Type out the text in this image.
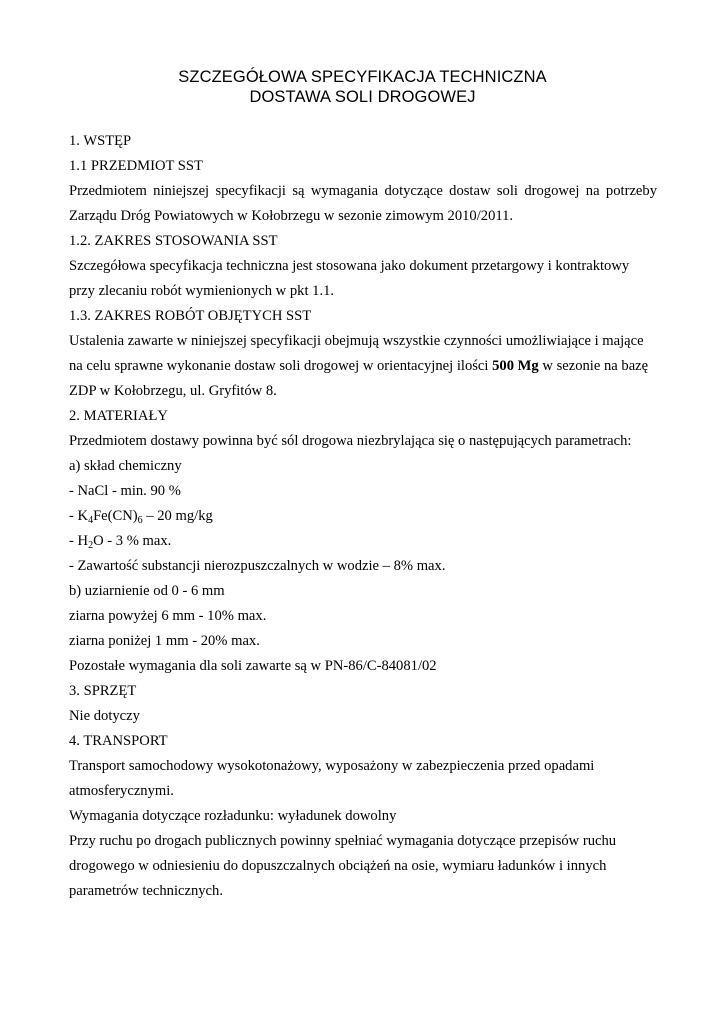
SZCZEGÓŁOWA SPECYFIKACJA TECHNICZNA
DOSTAWA SOLI DROGOWEJ

1. WSTĘP

1.1 PRZEDMIOT SST

Przedmiotem niniejszej specyfikacji są wymagania dotyczące dostaw soli drogowej na potrzeby

Zarządu Dróg Powiatowych w Kołobrzegu w sezonie zimowym 2010/2011.

1.2. ZAKRES STOSOWANIA SST

Szczegółowa specyfikacja techniczna jest stosowana jako dokument przetargowy i kontraktowy

przy zlecaniu robót wymienionych w pkt 1.1.

1.3. ZAKRES ROBÓT OBJĘTYCH SST

Ustalenia zawarte w niniejszej specyfikacji obejmują wszystkie czynności umożliwiające i mające

na celu sprawne wykonanie dostaw soli drogowej w orientacyjnej ilości 500 Mg w sezonie na bazę

ZDP w Kołobrzegu, ul. Gryfitów 8.

2. MATERIAŁY

Przedmiotem dostawy powinna być sól drogowa niezbrylająca się o następujących parametrach:

a) skład chemiczny

- NaCl - min. 90 %

- $K_4Fe(CN)_6 - 20$ mg/kg

- $H_2O - 3$ % max.

- Zawartość substancji nierozpuszczalnych w wodzie – 8% max.

b) uziarnienie od 0 - 6 mm

ziarna powyżej 6 mm - 10% max.

ziarna poniżej 1 mm - 20% max.

Pozostałe wymagania dla soli zawarte są w PN-86/C-84081/02

3. SPRZĘT

Nie dotyczy

4. TRANSPORT

Transport samochodowy wysokotonażowy, wyposażony w zabezpieczenia przed opadami

atmosferycznymi.

Wymagania dotyczące rozładunku: wyładunek dowolny

Przy ruchu po drogach publicznych powinny spełniać wymagania dotyczące przepisów ruchu

drogowego w odniesieniu do dopuszczalnych obciążeń na osie, wymiaru ładunków i innych

parametrów technicznych.
